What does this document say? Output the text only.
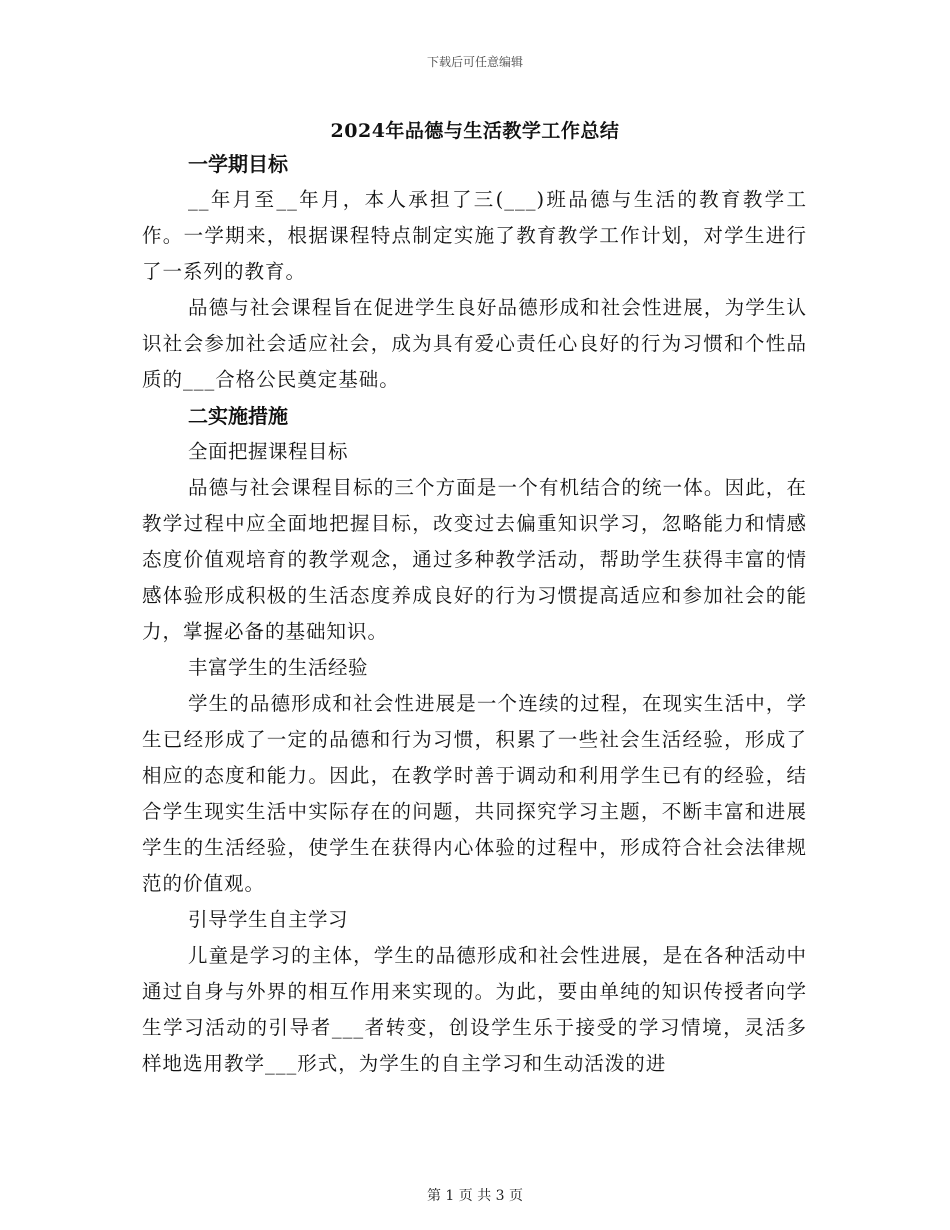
下载后可任意编辑
2024年品德与生活教学工作总结
一学期目标

__年月至__年月，本人承担了三(___)班品德与生活的教育教学工作。一学期来，根据课程特点制定实施了教育教学工作计划，对学生进行了一系列的教育。

品德与社会课程旨在促进学生良好品德形成和社会性进展，为学生认识社会参加社会适应社会，成为具有爱心责任心良好的行为习惯和个性品质的___合格公民奠定基础。

二实施措施
全面把握课程目标

品德与社会课程目标的三个方面是一个有机结合的统一体。因此，在教学过程中应全面地把握目标，改变过去偏重知识学习，忽略能力和情感态度价值观培育的教学观念，通过多种教学活动，帮助学生获得丰富的情感体验形成积极的生活态度养成良好的行为习惯提高适应和参加社会的能力，掌握必备的基础知识。

丰富学生的生活经验

学生的品德形成和社会性进展是一个连续的过程，在现实生活中，学生已经形成了一定的品德和行为习惯，积累了一些社会生活经验，形成了相应的态度和能力。因此，在教学时善于调动和利用学生已有的经验，结合学生现实生活中实际存在的问题，共同探究学习主题，不断丰富和进展学生的生活经验，使学生在获得内心体验的过程中，形成符合社会法律规范的价值观。

引导学生自主学习

儿童是学习的主体，学生的品德形成和社会性进展，是在各种活动中通过自身与外界的相互作用来实现的。为此，要由单纯的知识传授者向学生学习活动的引导者___者转变，创设学生乐于接受的学习情境，灵活多样地选用教学___形式，为学生的自主学习和生动活泼的进

第 1 页 共 3 页
